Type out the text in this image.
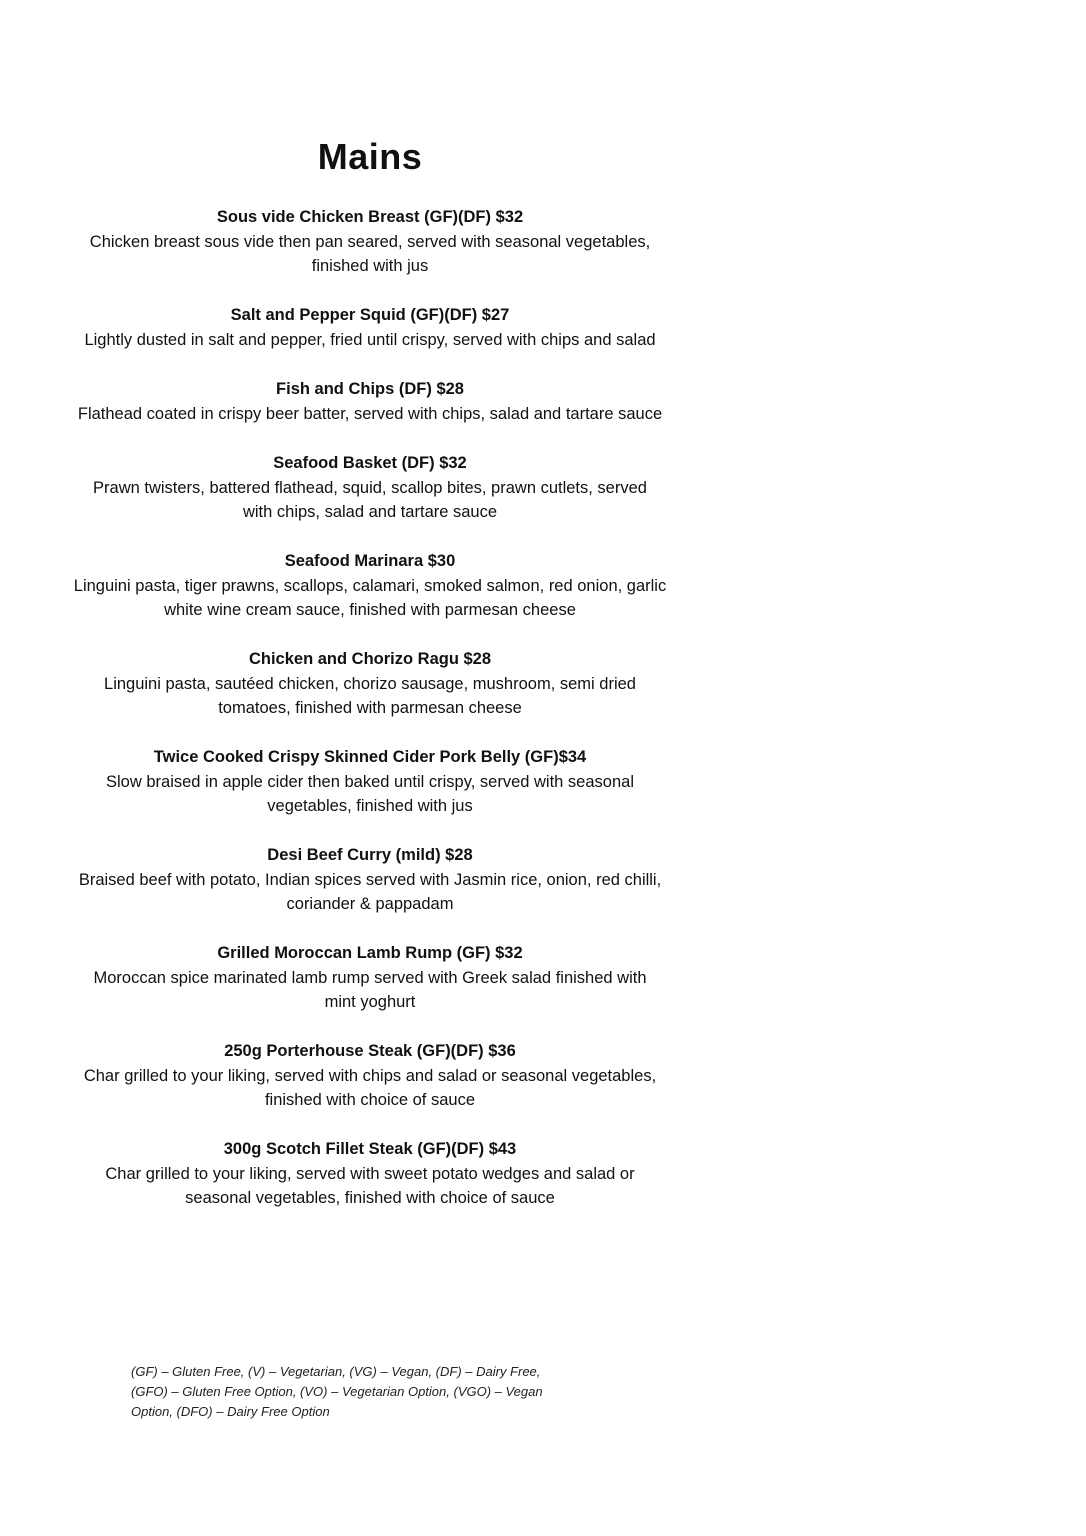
Mains
Sous vide Chicken Breast (GF)(DF) $32
Chicken breast sous vide then pan seared, served with seasonal vegetables,
finished with jus
Salt and Pepper Squid (GF)(DF) $27
Lightly dusted in salt and pepper, fried until crispy, served with chips and salad
Fish and Chips (DF) $28
Flathead coated in crispy beer batter, served with chips, salad and tartare sauce
Seafood Basket (DF) $32
Prawn twisters, battered flathead, squid, scallop bites, prawn cutlets, served
with chips, salad and tartare sauce
Seafood Marinara $30
Linguini pasta, tiger prawns, scallops, calamari, smoked salmon, red onion, garlic
white wine cream sauce, finished with parmesan cheese
Chicken and Chorizo Ragu $28
Linguini pasta, sautéed chicken, chorizo sausage, mushroom, semi dried
tomatoes, finished with parmesan cheese
Twice Cooked Crispy Skinned Cider Pork Belly (GF)$34
Slow braised in apple cider then baked until crispy, served with seasonal
vegetables, finished with jus
Desi Beef Curry (mild) $28
Braised beef with potato, Indian spices served with Jasmin rice, onion, red chilli,
coriander & pappadam
Grilled Moroccan Lamb Rump (GF) $32
Moroccan spice marinated lamb rump served with Greek salad finished with
mint yoghurt
250g Porterhouse Steak (GF)(DF) $36
Char grilled to your liking, served with chips and salad or seasonal vegetables,
finished with choice of sauce
300g Scotch Fillet Steak (GF)(DF) $43
Char grilled to your liking, served with sweet potato wedges and salad or
seasonal vegetables, finished with choice of sauce
(GF) – Gluten Free, (V) – Vegetarian, (VG) – Vegan, (DF) – Dairy Free,
(GFO) – Gluten Free Option, (VO) – Vegetarian Option, (VGO) – Vegan
Option, (DFO) – Dairy Free Option
